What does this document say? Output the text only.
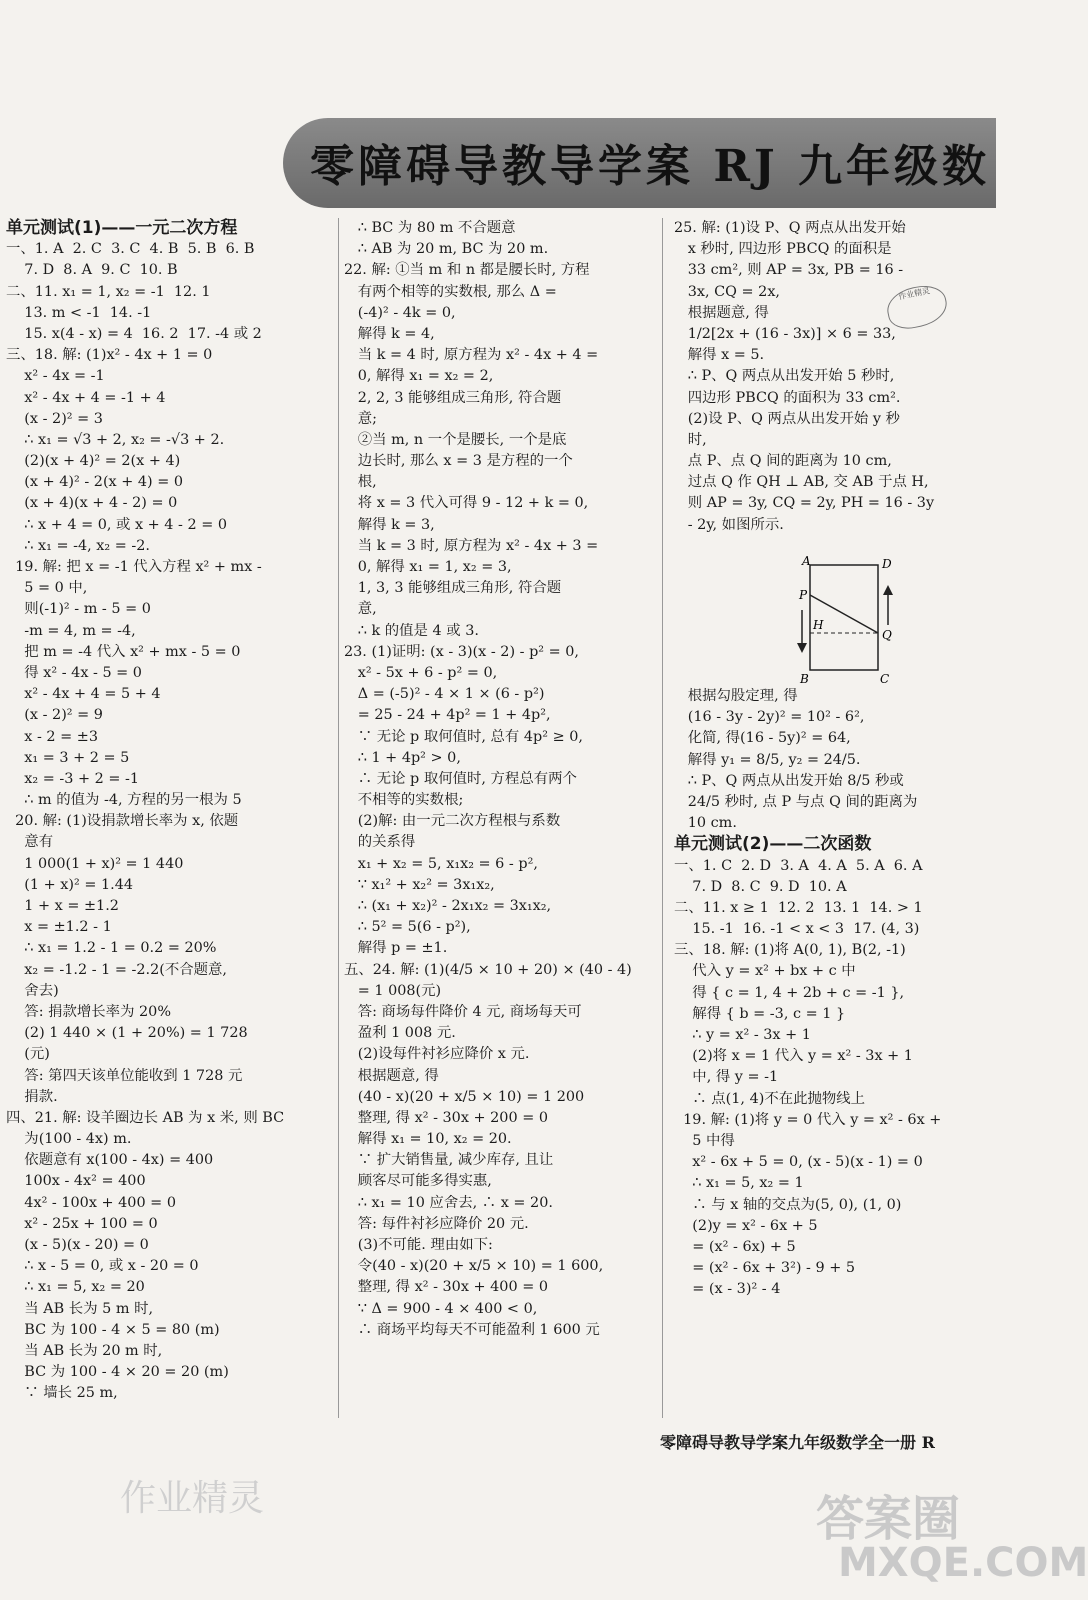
零障碍导教导学案 RJ 九年级数
单元测试(1)——一元二次方程
一、1. A  2. C  3. C  4. B  5. B  6. B
7. D  8. A  9. C  10. B
二、11. x₁ = 1, x₂ = -1  12. 1
13. m < -1  14. -1
15. x(4 - x) = 4  16. 2  17. -4 或 2
三、18. 解: (1)x² - 4x + 1 = 0
x² - 4x = -1
x² - 4x + 4 = -1 + 4
(x - 2)² = 3
∴ x₁ = √3 + 2, x₂ = -√3 + 2.
(2)(x + 4)² = 2(x + 4)
(x + 4)² - 2(x + 4) = 0
(x + 4)(x + 4 - 2) = 0
∴ x + 4 = 0, 或 x + 4 - 2 = 0
∴ x₁ = -4, x₂ = -2.
19. 解: 把 x = -1 代入方程 x² + mx -
5 = 0 中,
则(-1)² - m - 5 = 0
-m = 4, m = -4,
把 m = -4 代入 x² + mx - 5 = 0
得 x² - 4x - 5 = 0
x² - 4x + 4 = 5 + 4
(x - 2)² = 9
x - 2 = ±3
x₁ = 3 + 2 = 5
x₂ = -3 + 2 = -1
∴ m 的值为 -4, 方程的另一根为 5
20. 解: (1)设捐款增长率为 x, 依题
意有
1 000(1 + x)² = 1 440
(1 + x)² = 1.44
1 + x = ±1.2
x = ±1.2 - 1
∴ x₁ = 1.2 - 1 = 0.2 = 20%
x₂ = -1.2 - 1 = -2.2(不合题意,
舍去)
答: 捐款增长率为 20%
(2) 1 440 × (1 + 20%) = 1 728
(元)
答: 第四天该单位能收到 1 728 元
捐款.
四、21. 解: 设羊圈边长 AB 为 x 米, 则 BC
为(100 - 4x) m.
依题意有 x(100 - 4x) = 400
100x - 4x² = 400
4x² - 100x + 400 = 0
x² - 25x + 100 = 0
(x - 5)(x - 20) = 0
∴ x - 5 = 0, 或 x - 20 = 0
∴ x₁ = 5, x₂ = 20
当 AB 长为 5 m 时,
BC 为 100 - 4 × 5 = 80 (m)
当 AB 长为 20 m 时,
BC 为 100 - 4 × 20 = 20 (m)
∵ 墙长 25 m,
∴ BC 为 80 m 不合题意
∴ AB 为 20 m, BC 为 20 m.
22. 解: ①当 m 和 n 都是腰长时, 方程
有两个相等的实数根, 那么 Δ =
(-4)² - 4k = 0,
解得 k = 4,
当 k = 4 时, 原方程为 x² - 4x + 4 =
0, 解得 x₁ = x₂ = 2,
2, 2, 3 能够组成三角形, 符合题
意;
②当 m, n 一个是腰长, 一个是底
边长时, 那么 x = 3 是方程的一个
根,
将 x = 3 代入可得 9 - 12 + k = 0,
解得 k = 3,
当 k = 3 时, 原方程为 x² - 4x + 3 =
0, 解得 x₁ = 1, x₂ = 3,
1, 3, 3 能够组成三角形, 符合题
意,
∴ k 的值是 4 或 3.
23. (1)证明: (x - 3)(x - 2) - p² = 0,
x² - 5x + 6 - p² = 0,
Δ = (-5)² - 4 × 1 × (6 - p²)
= 25 - 24 + 4p² = 1 + 4p²,
∵ 无论 p 取何值时, 总有 4p² ≥ 0,
∴ 1 + 4p² > 0,
∴ 无论 p 取何值时, 方程总有两个
不相等的实数根;
(2)解: 由一元二次方程根与系数
的关系得
x₁ + x₂ = 5, x₁x₂ = 6 - p²,
∵ x₁² + x₂² = 3x₁x₂,
∴ (x₁ + x₂)² - 2x₁x₂ = 3x₁x₂,
∴ 5² = 5(6 - p²),
解得 p = ±1.
五、24. 解: (1)(4/5 × 10 + 20) × (40 - 4)
= 1 008(元)
答: 商场每件降价 4 元, 商场每天可
盈利 1 008 元.
(2)设每件衬衫应降价 x 元.
根据题意, 得
(40 - x)(20 + x/5 × 10) = 1 200
整理, 得 x² - 30x + 200 = 0
解得 x₁ = 10, x₂ = 20.
∵ 扩大销售量, 减少库存, 且让
顾客尽可能多得实惠,
∴ x₁ = 10 应舍去, ∴ x = 20.
答: 每件衬衫应降价 20 元.
(3)不可能. 理由如下:
令(40 - x)(20 + x/5 × 10) = 1 600,
整理, 得 x² - 30x + 400 = 0
∵ Δ = 900 - 4 × 400 < 0,
∴ 商场平均每天不可能盈利 1 600 元
25. 解: (1)设 P、Q 两点从出发开始
x 秒时, 四边形 PBCQ 的面积是
33 cm², 则 AP = 3x, PB = 16 -
3x, CQ = 2x,
根据题意, 得
1/2[2x + (16 - 3x)] × 6 = 33,
解得 x = 5.
∴ P、Q 两点从出发开始 5 秒时,
四边形 PBCQ 的面积为 33 cm².
(2)设 P、Q 两点从出发开始 y 秒
时,
点 P、点 Q 间的距离为 10 cm,
过点 Q 作 QH ⊥ AB, 交 AB 于点 H,
则 AP = 3y, CQ = 2y, PH = 16 - 3y
- 2y, 如图所示.
根据勾股定理, 得
(16 - 3y - 2y)² = 10² - 6²,
化简, 得(16 - 5y)² = 64,
解得 y₁ = 8/5, y₂ = 24/5.
∴ P、Q 两点从出发开始 8/5 秒或
24/5 秒时, 点 P 与点 Q 间的距离为
10 cm.
单元测试(2)——二次函数
一、1. C  2. D  3. A  4. A  5. A  6. A
7. D  8. C  9. D  10. A
二、11. x ≥ 1  12. 2  13. 1  14. > 1
15. -1  16. -1 < x < 3  17. (4, 3)
三、18. 解: (1)将 A(0, 1), B(2, -1)
代入 y = x² + bx + c 中
得 { c = 1, 4 + 2b + c = -1 },
解得 { b = -3, c = 1 }
∴ y = x² - 3x + 1
(2)将 x = 1 代入 y = x² - 3x + 1
中, 得 y = -1
∴ 点(1, 4)不在此抛物线上
19. 解: (1)将 y = 0 代入 y = x² - 6x +
5 中得
x² - 6x + 5 = 0, (x - 5)(x - 1) = 0
∴ x₁ = 5, x₂ = 1
∴ 与 x 轴的交点为(5, 0), (1, 0)
(2)y = x² - 6x + 5
= (x² - 6x) + 5
= (x² - 6x + 3²) - 9 + 5
= (x - 3)² - 4
作业精灵
A	D
P
H
Q
B	C
零障碍导教导学案九年级数学全一册 R
作业精灵	答案圈
MXQE.COM
